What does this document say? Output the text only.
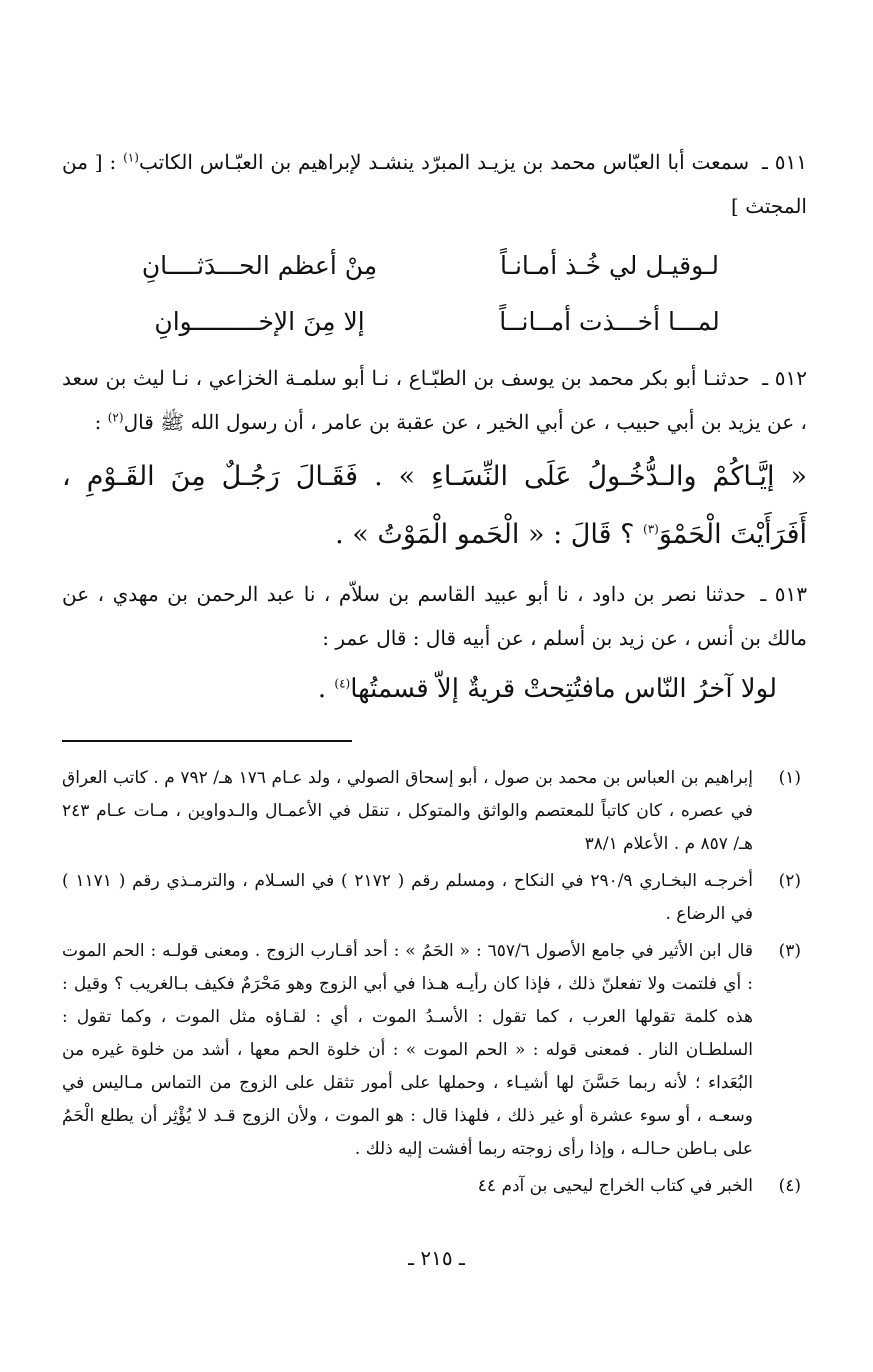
٥١١ ـ سمعت أبا العبّاس محمد بن يزيـد المبرّد ينشـد لإبراهيم بن العبّـاس الكاتب$^{(١)}$ : [ من المجتث ]

لـوقيـل لي خُـذ أمـانـاً
مِنْ أعظم الحـــدَثــــانِ
لمـــا أخـــذت أمــانــاً
إلا مِنَ الإخـــــــــوانِ

٥١٢ ـ حدثنـا أبو بكر محمد بن يوسف بن الطبّـاع ، نـا أبو سلمـة الخزاعي ، نـا ليث بن سعد ، عن يزيد بن أبي حبيب ، عن أبي الخير ، عن عقبة بن عامر ، أن رسول الله ﷺ قال$^{(٢)}$ :

« إيَّـاكُمْ والـدُّخُـولُ عَلَى النِّسَـاءِ » . فَقَـالَ رَجُـلٌ مِنَ القَـوْمِ ، أَفَرَأَيْتَ الْحَمْوَ$^{(٣)}$ ؟ قَالَ : « الْحَمو الْمَوْتُ » .

٥١٣ ـ حدثنا نصر بن داود ، نا أبو عبيد القاسم بن سلاّم ، نا عبد الرحمن بن مهدي ، عن مالك بن أنس ، عن زيد بن أسلم ، عن أبيه قال : قال عمر :

لولا آخرُ النّاس مافتُتِحتْ قريةٌ إلاّ قسمتُها$^{(٤)}$ .

(١)
إبراهيم بن العباس بن محمد بن صول ، أبو إسحاق الصولي ، ولد عـام ١٧٦ هـ/ ٧٩٢ م . كاتب العراق في عصره ، كان كاتباً للمعتصم والواثق والمتوكل ، تنقل في الأعمـال والـدواوين ، مـات عـام ٢٤٣ هـ/ ٨٥٧ م . الأعلام ٣٨/١
(٢)
أخرجـه البخـاري ٢٩٠/٩ في النكاح ، ومسلم رقم ( ٢١٧٢ ) في السـلام ، والترمـذي رقم ( ١١٧١ ) في الرضاع .
(٣)
قال ابن الأثير في جامع الأصول ٦٥٧/٦ : « الحَمُ » : أحد أقـارب الزوج . ومعنى قولـه : الحم الموت : أي فلتمت ولا تفعلنّ ذلك ، فإذا كان رأيـه هـذا في أبي الزوج وهو مَحْرَمٌ فكيف بـالغريب ؟ وقيل : هذه كلمة تقولها العرب ، كما تقول : الأسـدُ الموت ، أي : لقـاؤه مثل الموت ، وكما تقول : السلطـان النار . فمعنى قوله : « الحم الموت » : أن خلوة الحم معها ، أشد من خلوة غيره من البُعَداء ؛ لأنه ربما حَسَّنَ لها أشيـاء ، وحملها على أمور تثقل على الزوج من التماس مـاليس في وسعـه ، أو سوء عشرة أو غير ذلك ، فلهذا قال : هو الموت ، ولأن الزوج قـد لا يُؤْثِر أن يطلع الْحَمُ على بـاطن حـالـه ، وإذا رأى زوجته ربما أفشت إليه ذلك .
(٤)
الخبر في كتاب الخراج ليحيى بن آدم ٤٤
ـ ٢١٥ ـ
